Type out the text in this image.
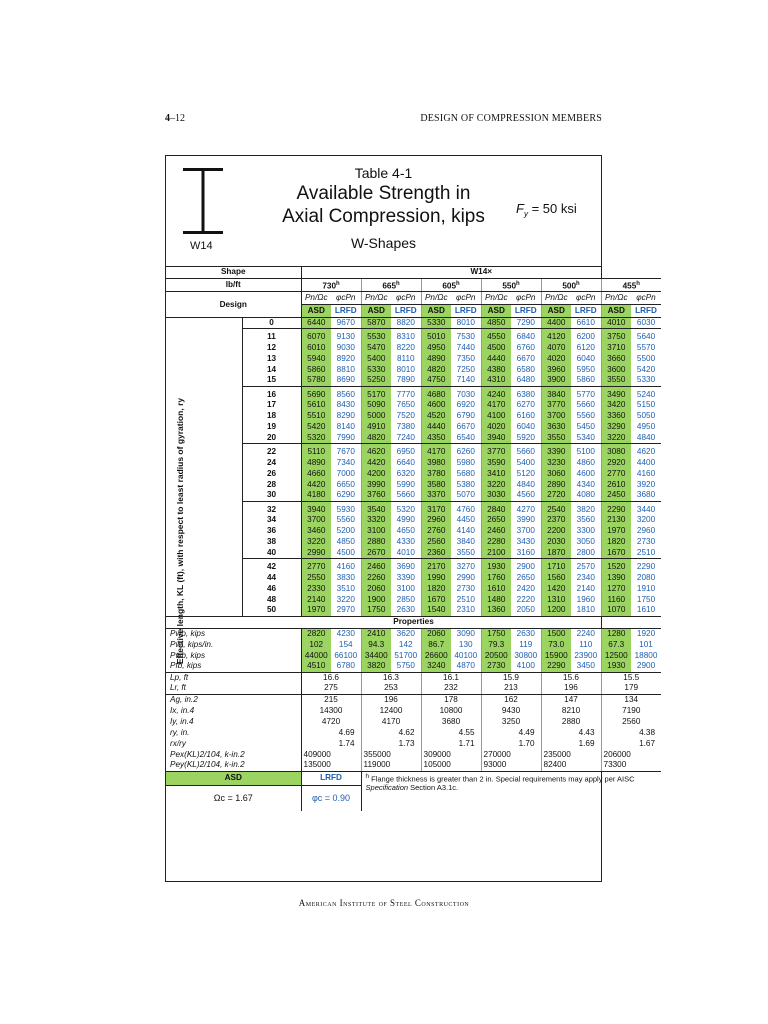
4–12	DESIGN OF COMPRESSION MEMBERS
W14
Table 4-1
Available Strength in
Axial Compression, kips
W-Shapes
$F_y = 50$ ksi
Effective length, KL (ft), with respect to least radius of gyration, ry
Shape		W14×											
lb/ft		730$^h$		665$^h$		605$^h$		550$^h$		500$^h$		455$^h$
Design		Pn/Ωc	φcPn	Pn/Ωc	φcPn	Pn/Ωc	φcPn	Pn/Ωc	φcPn	Pn/Ωc	φcPn	Pn/Ωc	φcPn
		ASD	LRFD	ASD	LRFD	ASD	LRFD	ASD	LRFD	ASD	LRFD	ASD	LRFD
	0	6440	9670	5870	8820	5330	8010	4850	7290	4400	6610	4010	6030
	11	6070	9130	5530	8310	5010	7530	4550	6840	4120	6200	3750	5640
	12	6010	9030	5470	8220	4950	7440	4500	6760	4070	6120	3710	5570
	13	5940	8920	5400	8110	4890	7350	4440	6670	4020	6040	3660	5500
	14	5860	8810	5330	8010	4820	7250	4380	6580	3960	5950	3600	5420
	15	5780	8690	5250	7890	4750	7140	4310	6480	3900	5860	3550	5330
	16	5690	8560	5170	7770	4680	7030	4240	6380	3840	5770	3490	5240
	17	5610	8430	5090	7650	4600	6920	4170	6270	3770	5660	3420	5150
	18	5510	8290	5000	7520	4520	6790	4100	6160	3700	5560	3360	5050
	19	5420	8140	4910	7380	4440	6670	4020	6040	3630	5450	3290	4950
	20	5320	7990	4820	7240	4350	6540	3940	5920	3550	5340	3220	4840
	22	5110	7670	4620	6950	4170	6260	3770	5660	3390	5100	3080	4620
	24	4890	7340	4420	6640	3980	5980	3590	5400	3230	4860	2920	4400
	26	4660	7000	4200	6320	3780	5680	3410	5120	3060	4600	2770	4160
	28	4420	6650	3990	5990	3580	5380	3220	4840	2890	4340	2610	3920
	30	4180	6290	3760	5660	3370	5070	3030	4560	2720	4080	2450	3680
	32	3940	5930	3540	5320	3170	4760	2840	4270	2540	3820	2290	3440
	34	3700	5560	3320	4990	2960	4450	2650	3990	2370	3560	2130	3200
	36	3460	5200	3100	4650	2760	4140	2460	3700	2200	3300	1970	2960
	38	3220	4850	2880	4330	2560	3840	2280	3430	2030	3050	1820	2730
	40	2990	4500	2670	4010	2360	3550	2100	3160	1870	2800	1670	2510
	42	2770	4160	2460	3690	2170	3270	1930	2900	1710	2570	1520	2290
	44	2550	3830	2260	3390	1990	2990	1760	2650	1560	2340	1390	2080
	46	2330	3510	2060	3100	1820	2730	1610	2420	1420	2140	1270	1910
	48	2140	3220	1900	2850	1670	2510	1480	2220	1310	1960	1160	1750
	50	1970	2970	1750	2630	1540	2310	1360	2050	1200	1810	1070	1610
Properties													
Pwo, kips		2820	4230	2410	3620	2060	3090	1750	2630	1500	2240	1280	1920
Pwi, kips/in.		102	154	94.3	142	86.7	130	79.3	119	73.0	110	67.3	101
Pwb, kips		44000	66100	34400	51700	26600	40100	20500	30800	15900	23900	12500	18800
Pfb, kips		4510	6780	3820	5750	3240	4870	2730	4100	2290	3450	1930	2900
Lp, ft		16.6		16.3		16.1		15.9		15.6		15.5	
Lr, ft		275		253		232		213		196		179	
Ag, in.2		215		196		178		162		147		134	
Ix, in.4		14300		12400		10800		9430		8210		7190	
Iy, in.4		4720		4170		3680		3250		2880		2560	
ry, in.		4.69		4.62		4.55		4.49		4.43		4.38	
rx/ry		1.74		1.73		1.71		1.70		1.69		1.67	
Pex(KL)2/104, k-in.2		409000		355000		309000		270000		235000		206000	
Pey(KL)2/104, k-in.2		135000		119000		105000		93000		82400		73300	
ASD		LRFD		$^h$ Flange thickness is greater than 2 in. Special requirements may apply per AISC
Specification Section A3.1c.									
Ωc = 1.67		φc = 0.90											
American Institute of Steel Construction
